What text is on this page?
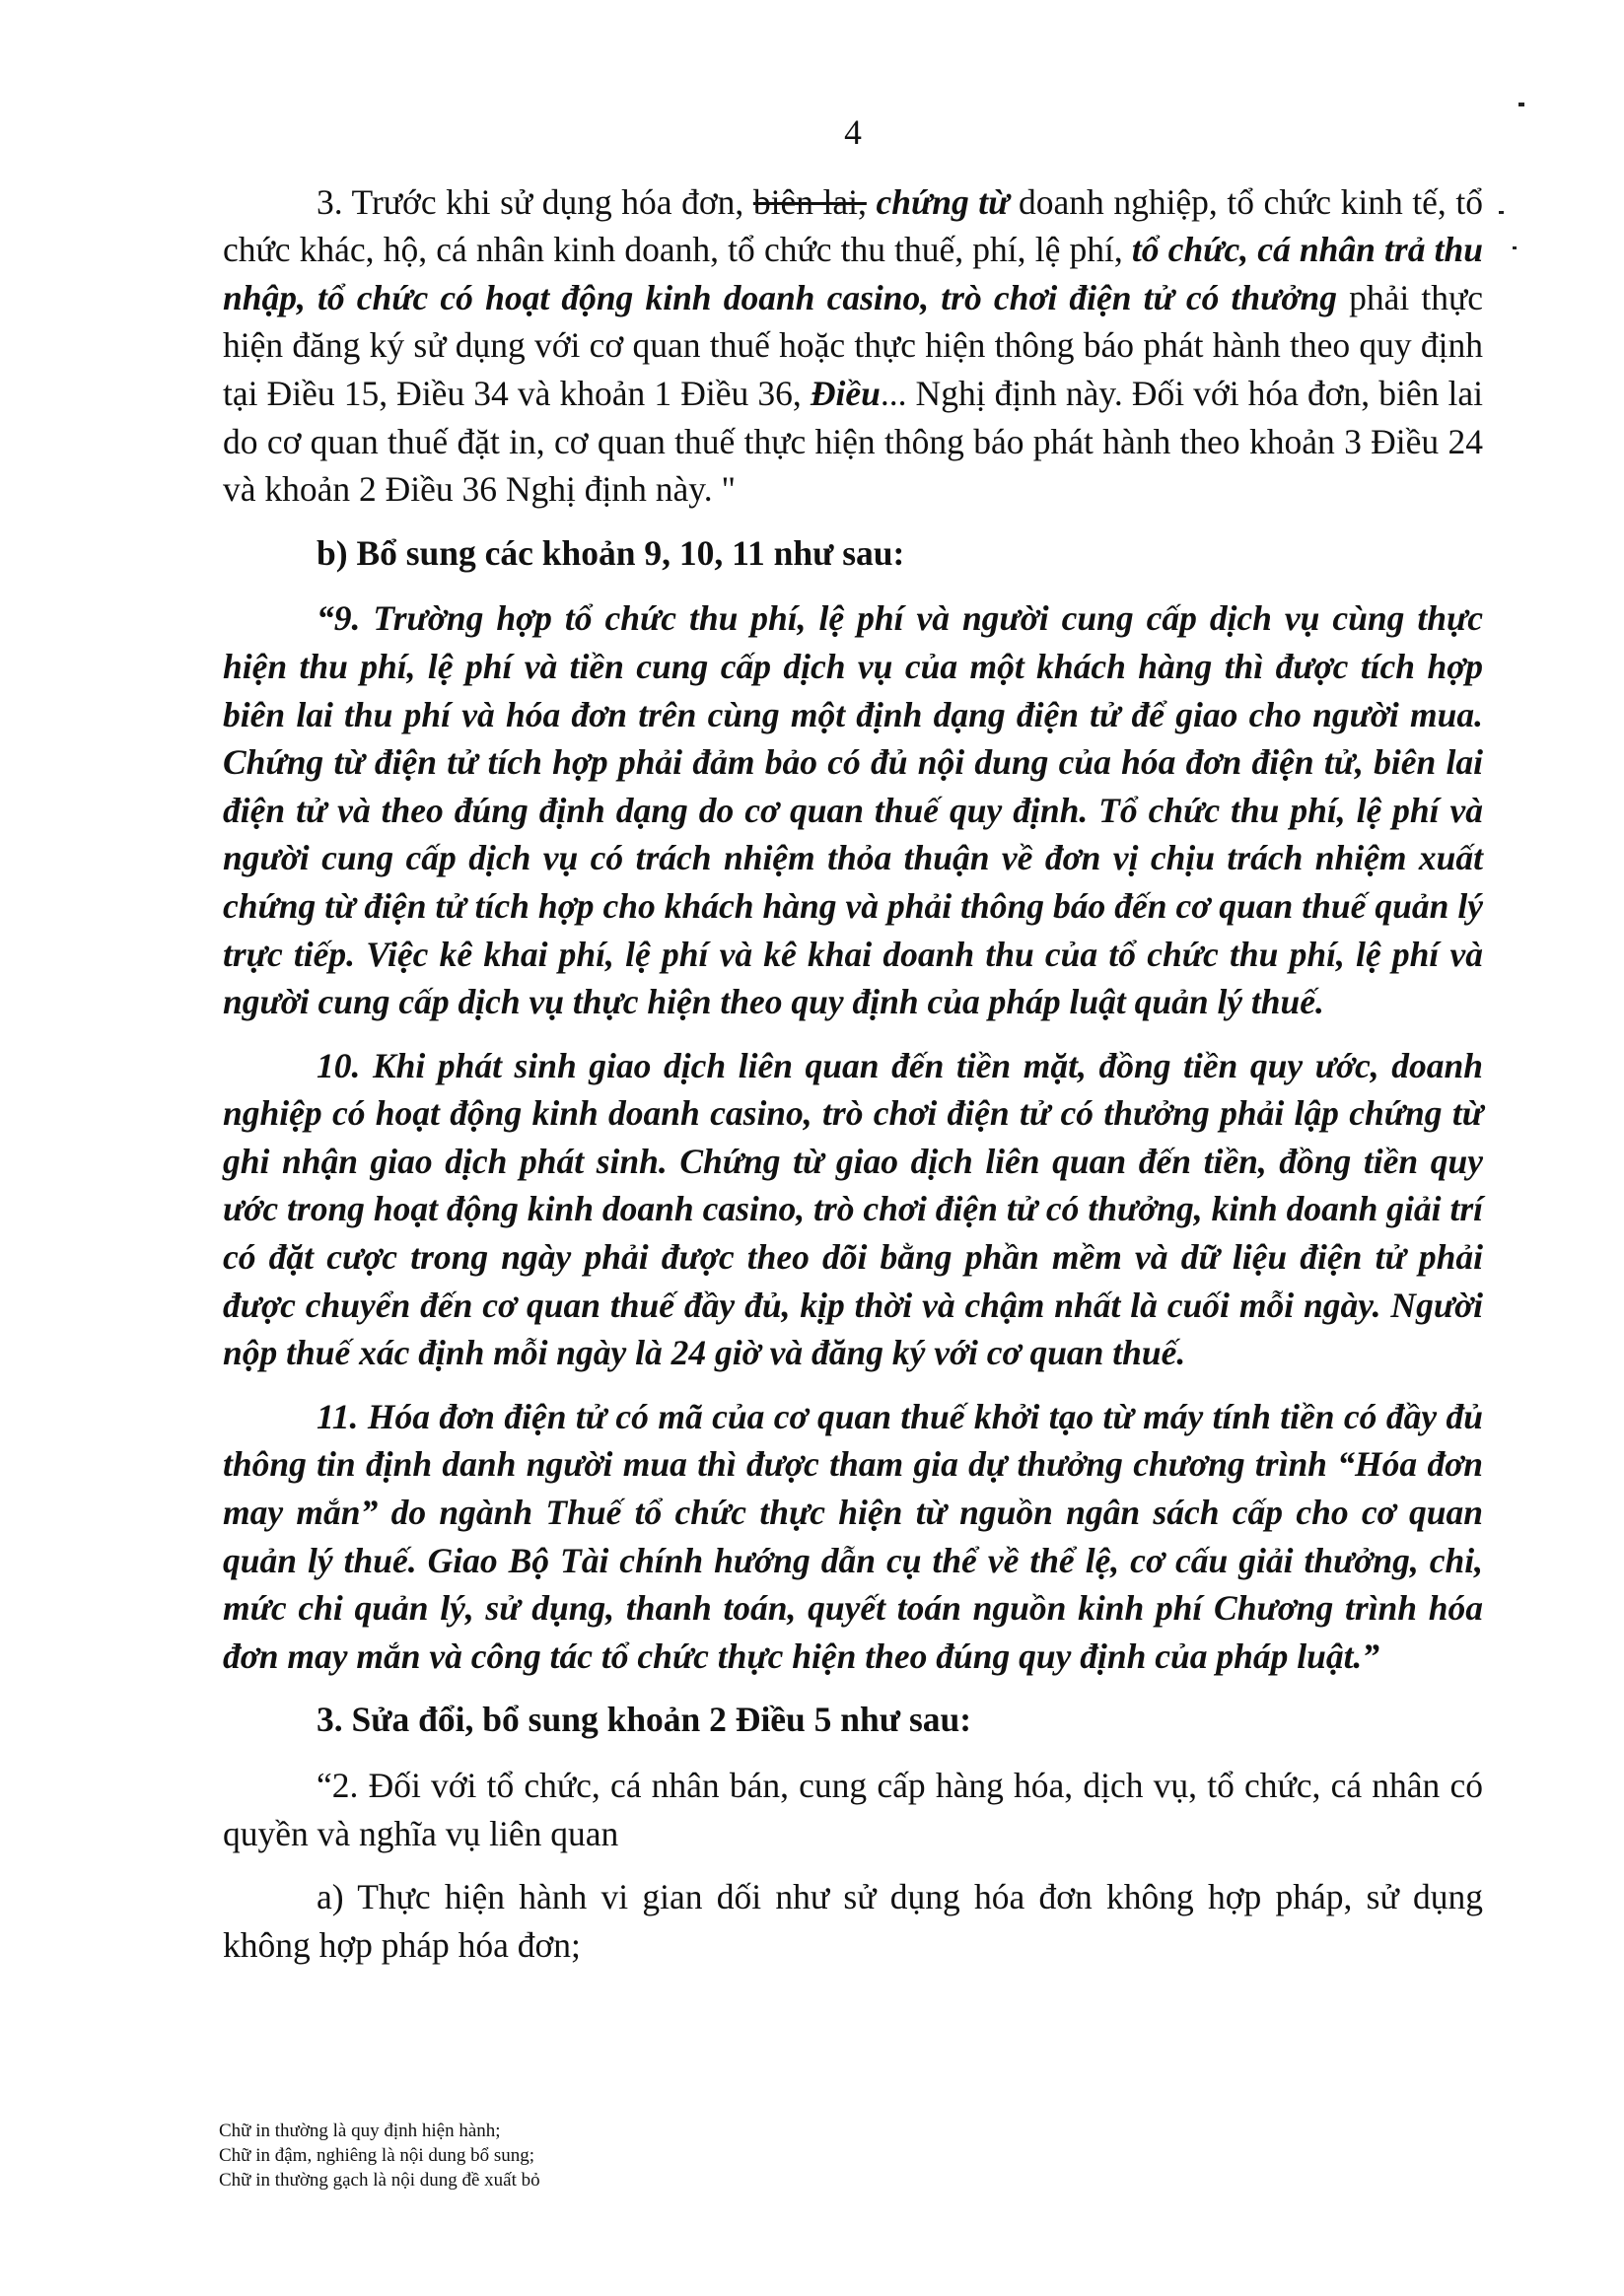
4

3. Trước khi sử dụng hóa đơn, biên lai, chứng từ doanh nghiệp, tổ chức kinh tế, tổ chức khác, hộ, cá nhân kinh doanh, tổ chức thu thuế, phí, lệ phí, tổ chức, cá nhân trả thu nhập, tổ chức có hoạt động kinh doanh casino, trò chơi điện tử có thưởng phải thực hiện đăng ký sử dụng với cơ quan thuế hoặc thực hiện thông báo phát hành theo quy định tại Điều 15, Điều 34 và khoản 1 Điều 36, Điều... Nghị định này. Đối với hóa đơn, biên lai do cơ quan thuế đặt in, cơ quan thuế thực hiện thông báo phát hành theo khoản 3 Điều 24 và khoản 2 Điều 36 Nghị định này. "

b) Bổ sung các khoản 9, 10, 11 như sau:

“9. Trường hợp tổ chức thu phí, lệ phí và người cung cấp dịch vụ cùng thực hiện thu phí, lệ phí và tiền cung cấp dịch vụ của một khách hàng thì được tích hợp biên lai thu phí và hóa đơn trên cùng một định dạng điện tử để giao cho người mua. Chứng từ điện tử tích hợp phải đảm bảo có đủ nội dung của hóa đơn điện tử, biên lai điện tử và theo đúng định dạng do cơ quan thuế quy định. Tổ chức thu phí, lệ phí và người cung cấp dịch vụ có trách nhiệm thỏa thuận về đơn vị chịu trách nhiệm xuất chứng từ điện tử tích hợp cho khách hàng và phải thông báo đến cơ quan thuế quản lý trực tiếp. Việc kê khai phí, lệ phí và kê khai doanh thu của tổ chức thu phí, lệ phí và người cung cấp dịch vụ thực hiện theo quy định của pháp luật quản lý thuế.

10. Khi phát sinh giao dịch liên quan đến tiền mặt, đồng tiền quy ước, doanh nghiệp có hoạt động kinh doanh casino, trò chơi điện tử có thưởng phải lập chứng từ ghi nhận giao dịch phát sinh. Chứng từ giao dịch liên quan đến tiền, đồng tiền quy ước trong hoạt động kinh doanh casino, trò chơi điện tử có thưởng, kinh doanh giải trí có đặt cược trong ngày phải được theo dõi bằng phần mềm và dữ liệu điện tử phải được chuyển đến cơ quan thuế đầy đủ, kịp thời và chậm nhất là cuối mỗi ngày. Người nộp thuế xác định mỗi ngày là 24 giờ và đăng ký với cơ quan thuế.

11. Hóa đơn điện tử có mã của cơ quan thuế khởi tạo từ máy tính tiền có đầy đủ thông tin định danh người mua thì được tham gia dự thưởng chương trình “Hóa đơn may mắn” do ngành Thuế tổ chức thực hiện từ nguồn ngân sách cấp cho cơ quan quản lý thuế. Giao Bộ Tài chính hướng dẫn cụ thể về thể lệ, cơ cấu giải thưởng, chi, mức chi quản lý, sử dụng, thanh toán, quyết toán nguồn kinh phí Chương trình hóa đơn may mắn và công tác tổ chức thực hiện theo đúng quy định của pháp luật.”

3. Sửa đổi, bổ sung khoản 2 Điều 5 như sau:

“2. Đối với tổ chức, cá nhân bán, cung cấp hàng hóa, dịch vụ, tổ chức, cá nhân có quyền và nghĩa vụ liên quan

a) Thực hiện hành vi gian dối như sử dụng hóa đơn không hợp pháp, sử dụng không hợp pháp hóa đơn;

Chữ in thường là quy định hiện hành;
Chữ in đậm, nghiêng là nội dung bổ sung;
Chữ in thường gạch là nội dung đề xuất bỏ
